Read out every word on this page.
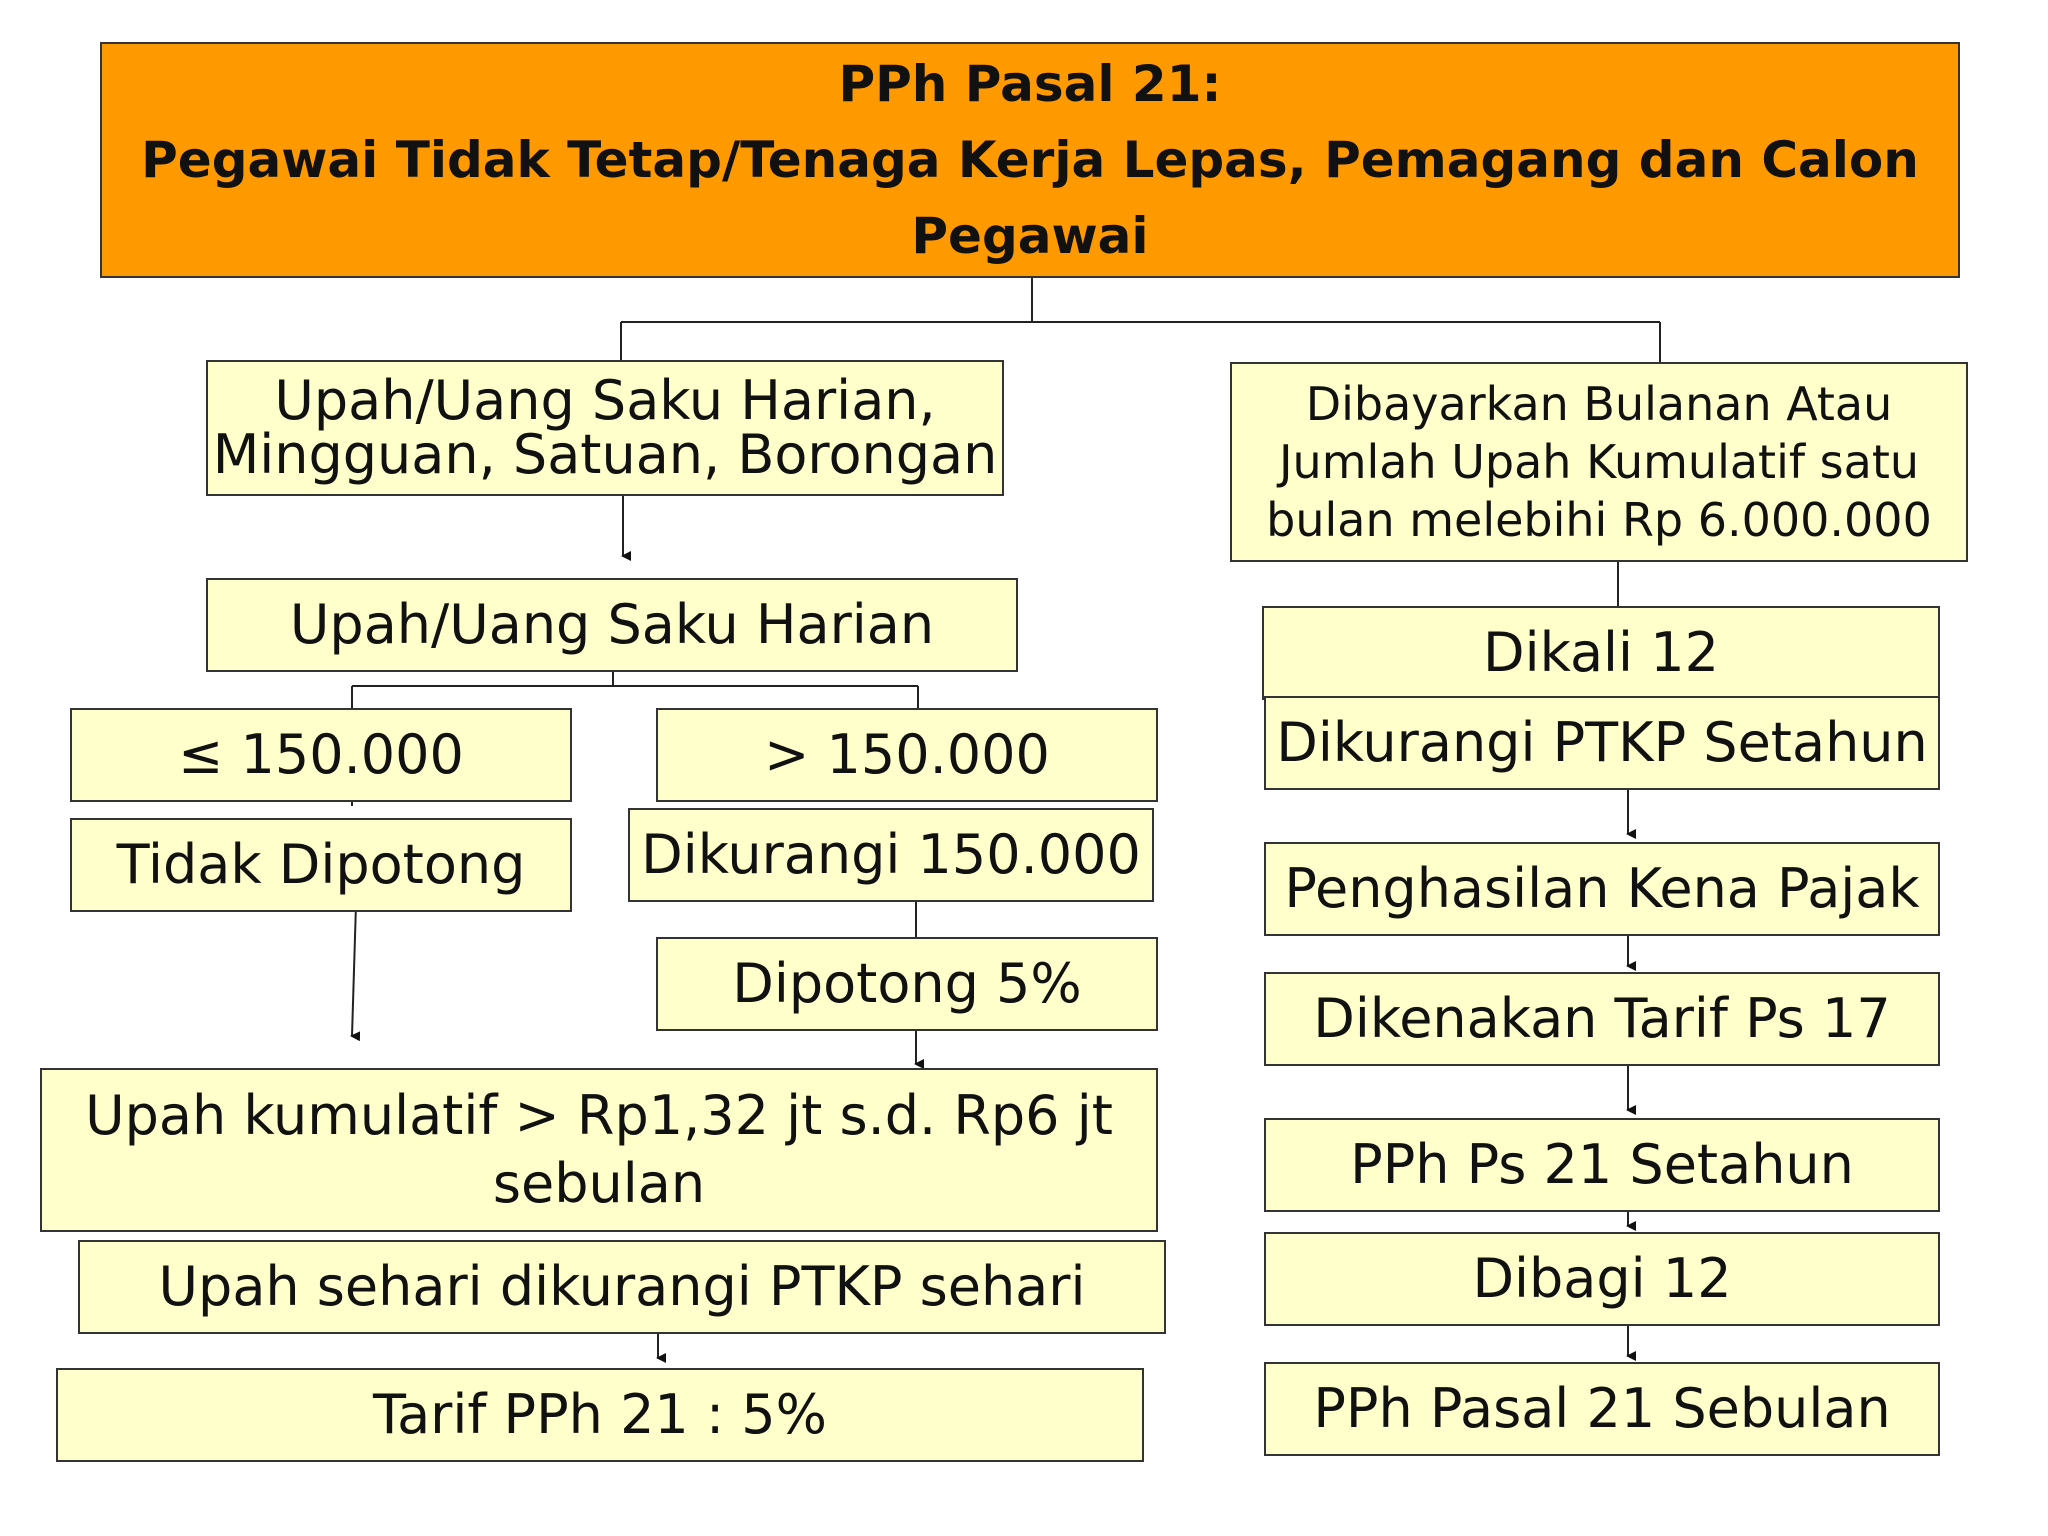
PPh Pasal 21:
Pegawai Tidak Tetap/Tenaga Kerja Lepas, Pemagang dan Calon
Pegawai
Upah/Uang Saku Harian,
Mingguan, Satuan, Borongan
Upah/Uang Saku Harian
≤ 150.000	> 150.000
Tidak Dipotong Dikurangi 150.000
Dipotong 5%
Upah kumulatif > Rp1,32 jt s.d. Rp6 jt
sebulan
Upah sehari dikurangi PTKP sehari
Tarif PPh 21 : 5%
Dibayarkan Bulanan Atau
Jumlah Upah Kumulatif satu
bulan melebihi Rp 6.000.000
Dikali 12
Dikurangi PTKP Setahun
Penghasilan Kena Pajak
Dikenakan Tarif Ps 17
PPh Ps 21 Setahun
Dibagi 12
PPh Pasal 21 Sebulan
